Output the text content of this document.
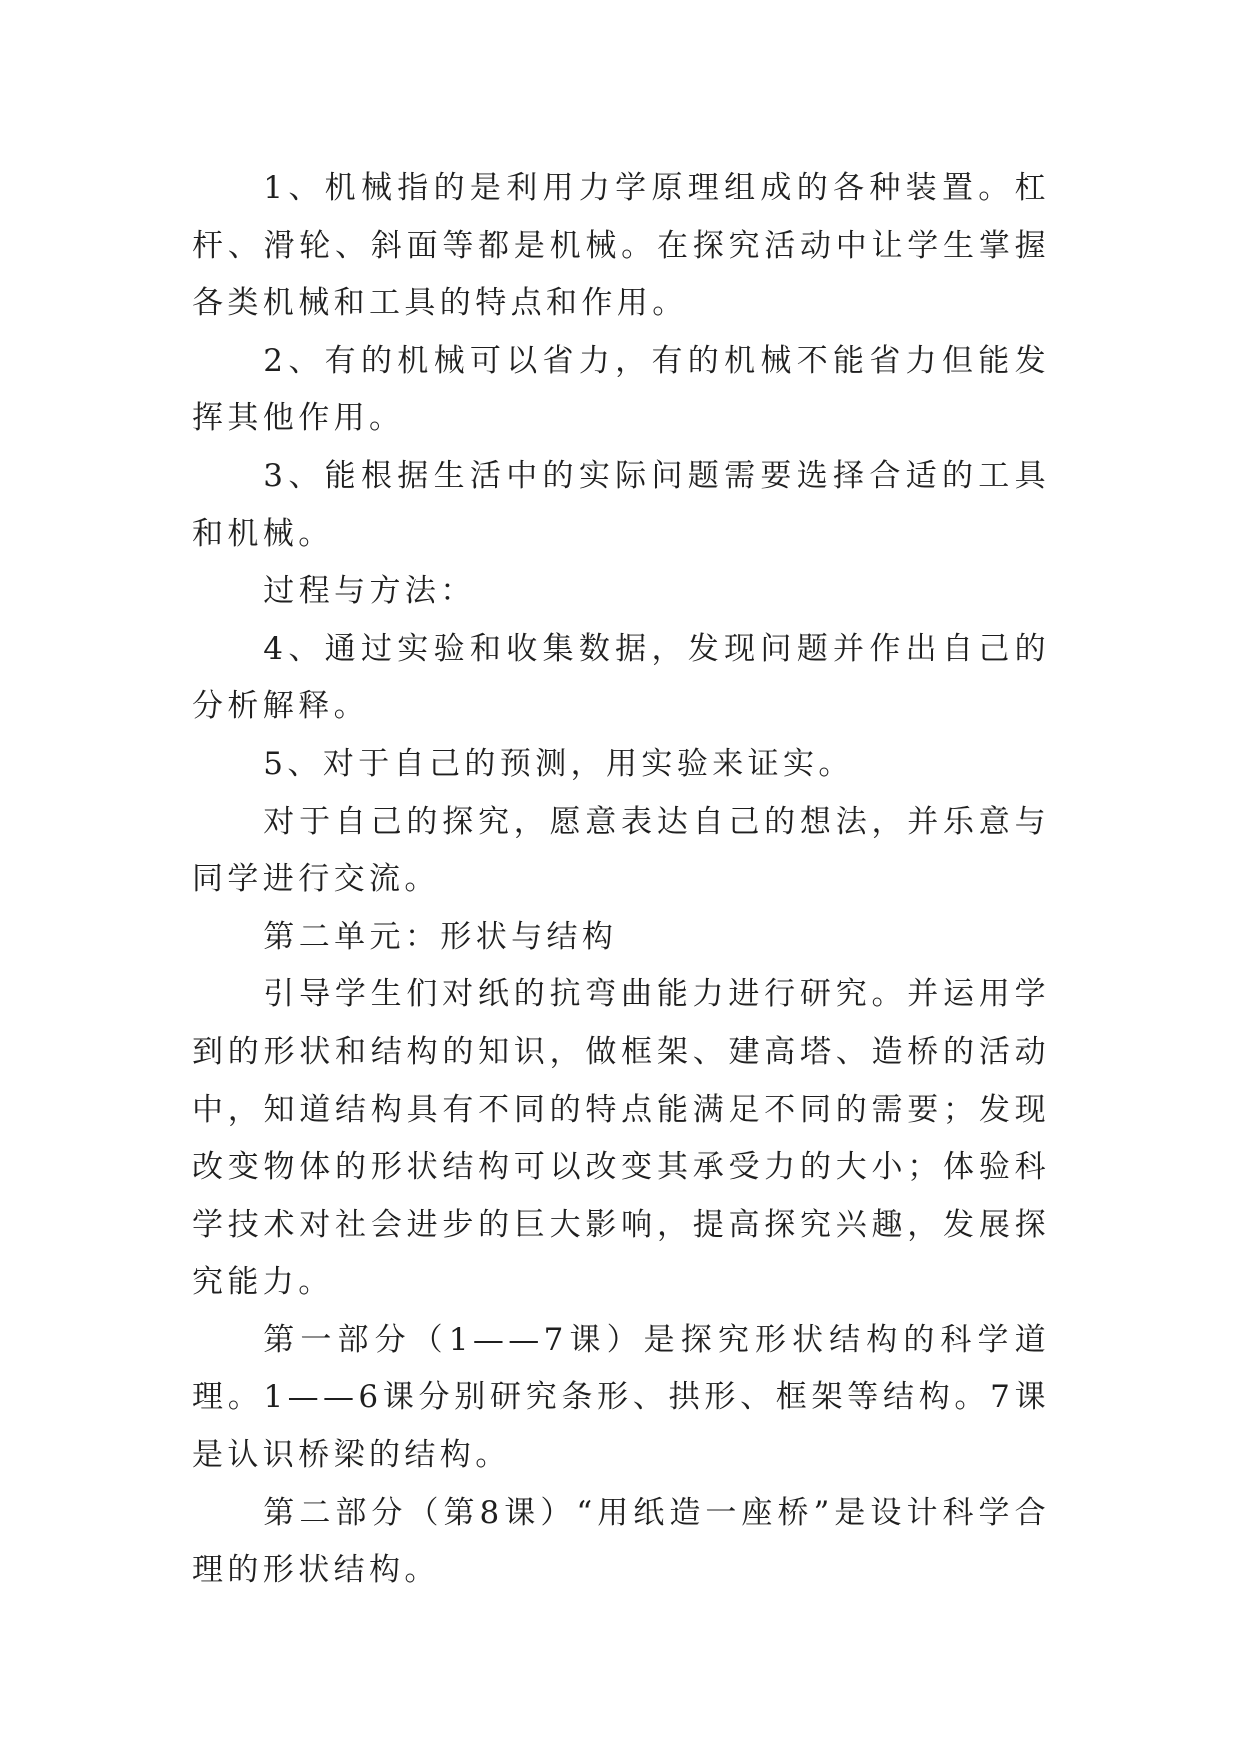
1、机械指的是利用力学原理组成的各种装置。杠杆、滑轮、斜面等都是机械。在探究活动中让学生掌握各类机械和工具的特点和作用。

2、有的机械可以省力，有的机械不能省力但能发挥其他作用。

3、能根据生活中的实际问题需要选择合适的工具和机械。

过程与方法：

4、通过实验和收集数据，发现问题并作出自己的分析解释。

5、对于自己的预测，用实验来证实。

对于自己的探究，愿意表达自己的想法，并乐意与同学进行交流。

第二单元：形状与结构

引导学生们对纸的抗弯曲能力进行研究。并运用学到的形状和结构的知识，做框架、建高塔、造桥的活动中，知道结构具有不同的特点能满足不同的需要；发现改变物体的形状结构可以改变其承受力的大小；体验科学技术对社会进步的巨大影响，提高探究兴趣，发展探究能力。

第一部分（1——7课）是探究形状结构的科学道理。1——6课分别研究条形、拱形、框架等结构。7课是认识桥梁的结构。

第二部分（第8课）“用纸造一座桥”是设计科学合理的形状结构。
